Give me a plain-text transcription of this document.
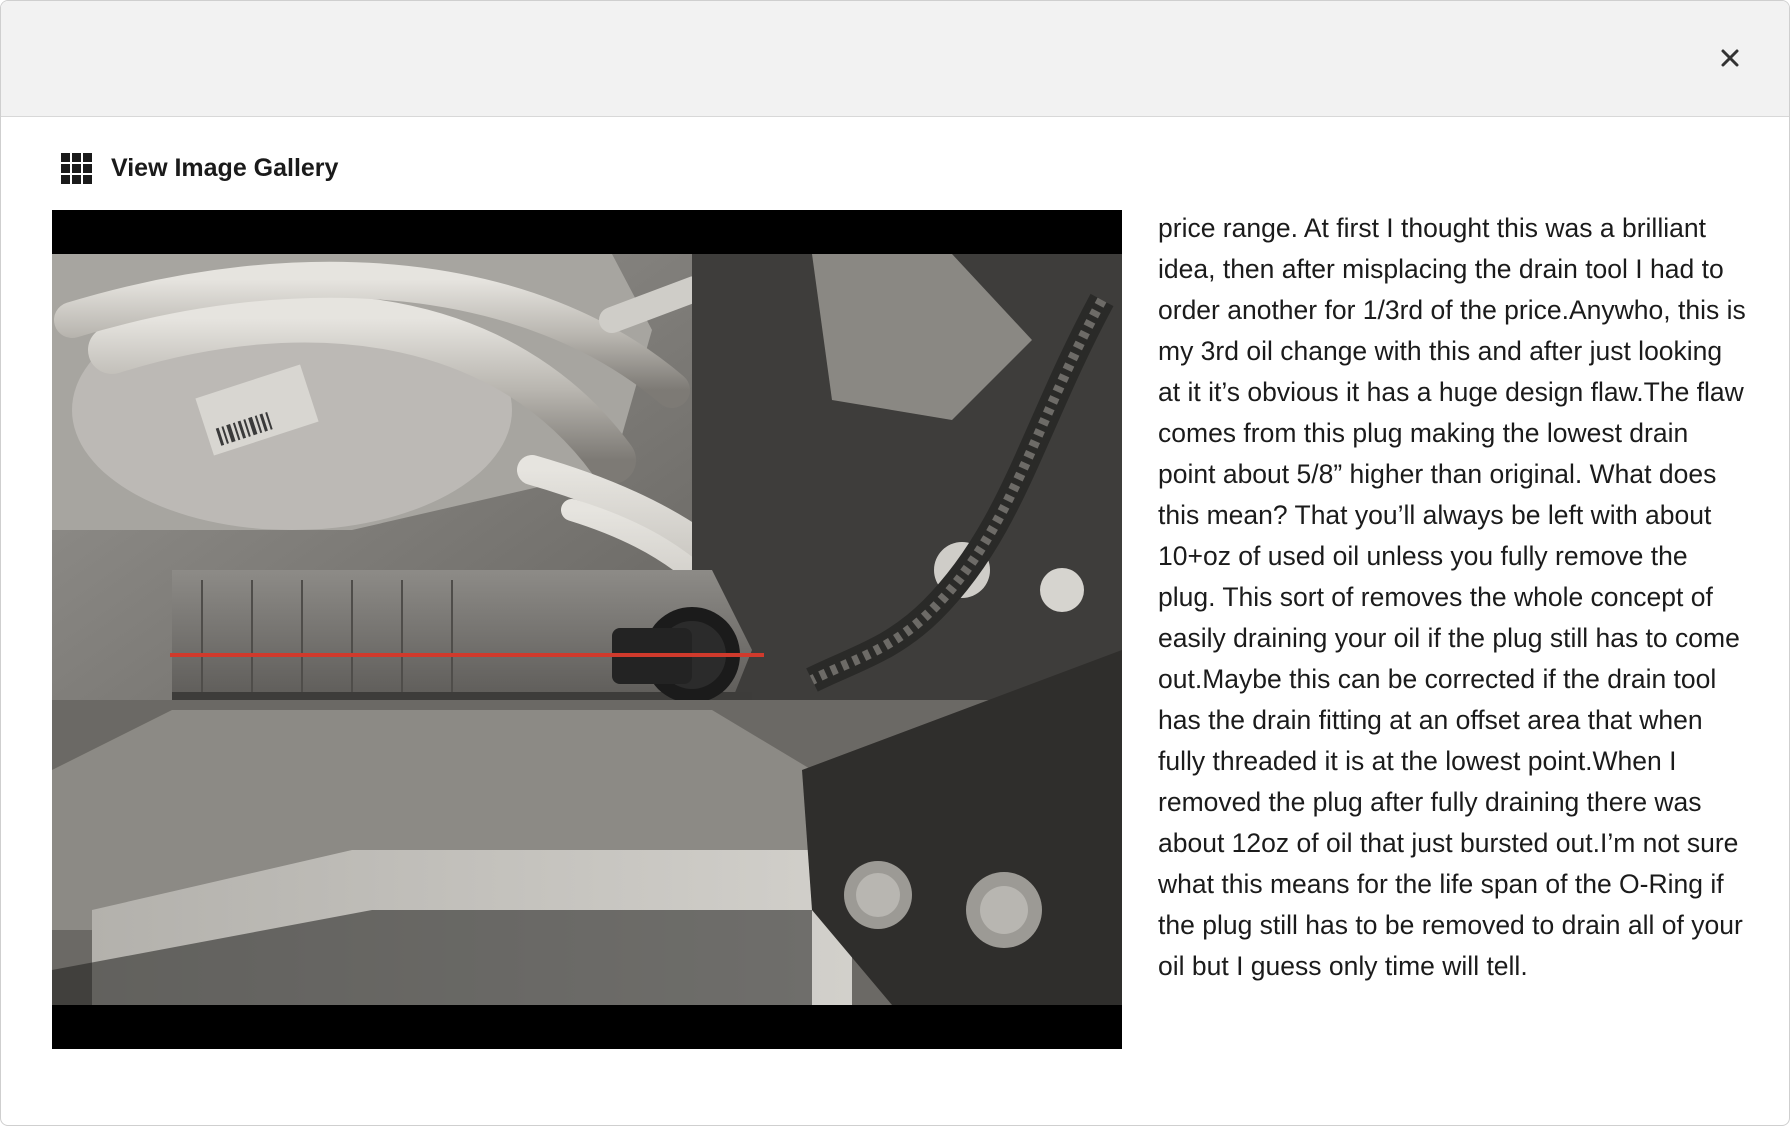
View Image Gallery

price range. At first I thought this was a brilliant idea, then after misplacing the drain tool I had to order another for 1/3rd of the price.Anywho, this is my 3rd oil change with this and after just looking at it it’s obvious it has a huge design flaw.The flaw comes from this plug making the lowest drain point about 5/8” higher than original. What does this mean? That you’ll always be left with about 10+oz of used oil unless you fully remove the plug. This sort of removes the whole concept of easily draining your oil if the plug still has to come out.Maybe this can be corrected if the drain tool has the drain fitting at an offset area that when fully threaded it is at the lowest point.When I removed the plug after fully draining there was about 12oz of oil that just bursted out.I’m not sure what this means for the life span of the O-Ring if the plug still has to be removed to drain all of your oil but I guess only time will tell.
